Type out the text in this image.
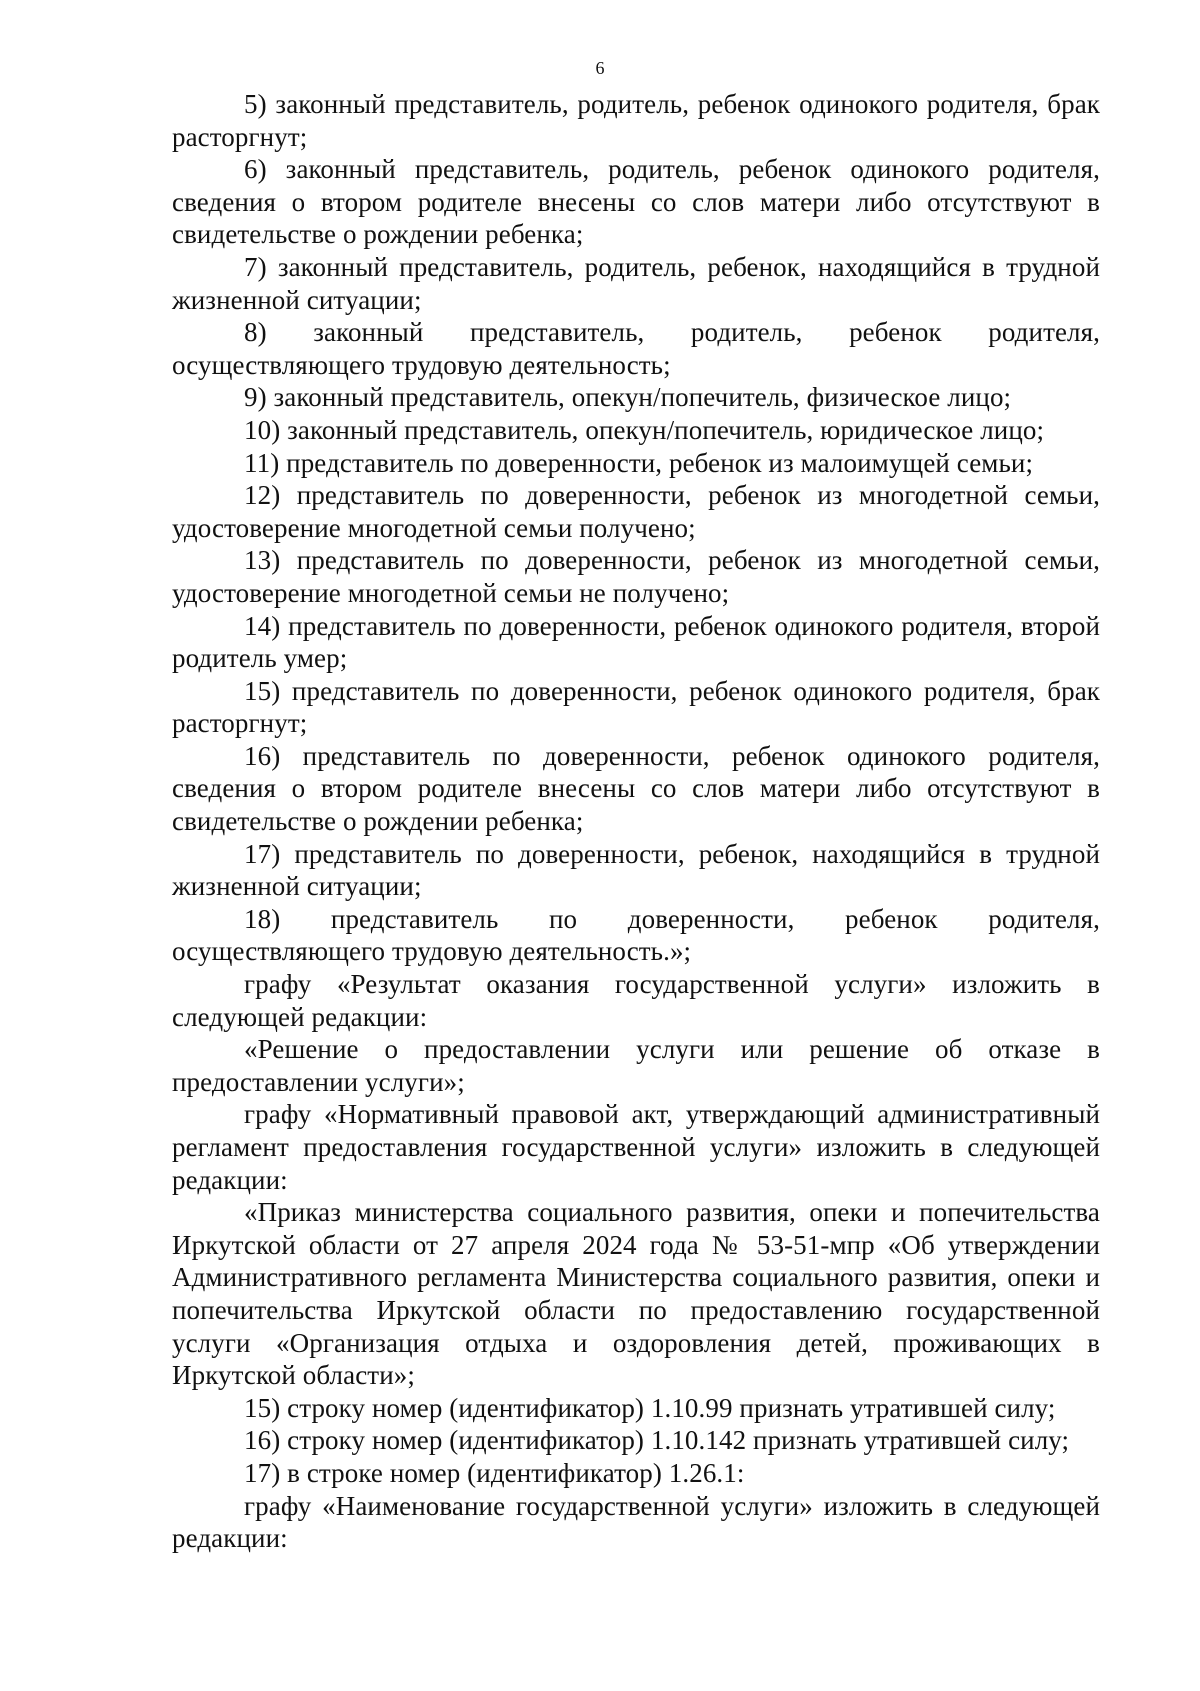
6

5) законный представитель, родитель, ребенок одинокого родителя, брак расторгнут;

6) законный представитель, родитель, ребенок одинокого родителя, сведения о втором родителе внесены со слов матери либо отсутствуют в свидетельстве о рождении ребенка;

7) законный представитель, родитель, ребенок, находящийся в трудной жизненной ситуации;

8) законный представитель, родитель, ребенок родителя, осуществляющего трудовую деятельность;

9) законный представитель, опекун/попечитель, физическое лицо;

10) законный представитель, опекун/попечитель, юридическое лицо;

11) представитель по доверенности, ребенок из малоимущей семьи;

12) представитель по доверенности, ребенок из многодетной семьи, удостоверение многодетной семьи получено;

13) представитель по доверенности, ребенок из многодетной семьи, удостоверение многодетной семьи не получено;

14) представитель по доверенности, ребенок одинокого родителя, второй родитель умер;

15) представитель по доверенности, ребенок одинокого родителя, брак расторгнут;

16) представитель по доверенности, ребенок одинокого родителя, сведения о втором родителе внесены со слов матери либо отсутствуют в свидетельстве о рождении ребенка;

17) представитель по доверенности, ребенок, находящийся в трудной жизненной ситуации;

18) представитель по доверенности, ребенок родителя, осуществляющего трудовую деятельность.»;

графу «Результат оказания государственной услуги» изложить в следующей редакции:

«Решение о предоставлении услуги или решение об отказе в предоставлении услуги»;

графу «Нормативный правовой акт, утверждающий административный регламент предоставления государственной услуги» изложить в следующей редакции:

«Приказ министерства социального развития, опеки и попечительства Иркутской области от 27 апреля 2024 года № 53-51-мпр «Об утверждении Административного регламента Министерства социального развития, опеки и попечительства Иркутской области по предоставлению государственной услуги «Организация отдыха и оздоровления детей, проживающих в Иркутской области»;

15) строку номер (идентификатор) 1.10.99 признать утратившей силу;

16) строку номер (идентификатор) 1.10.142 признать утратившей силу;

17) в строке номер (идентификатор) 1.26.1:

графу «Наименование государственной услуги» изложить в следующей редакции:
